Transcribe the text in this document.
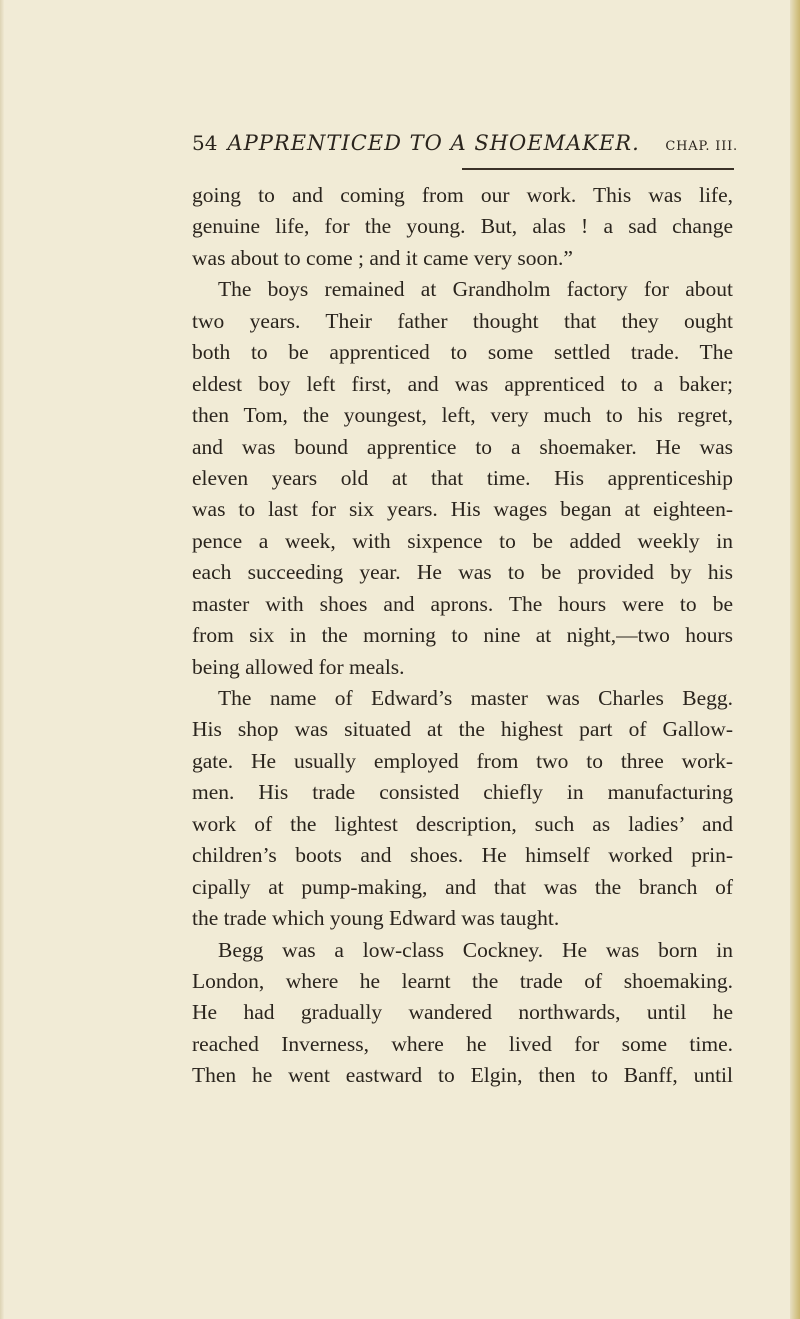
54 APPRENTICED TO A SHOEMAKER. CHAP. III.
going to and coming from our work. This was life,
genuine life, for the young. But, alas ! a sad change
was about to come ; and it came very soon.”
The boys remained at Grandholm factory for about
two years. Their father thought that they ought
both to be apprenticed to some settled trade. The
eldest boy left first, and was apprenticed to a baker;
then Tom, the youngest, left, very much to his regret,
and was bound apprentice to a shoemaker. He was
eleven years old at that time. His apprenticeship
was to last for six years. His wages began at eighteen-
pence a week, with sixpence to be added weekly in
each succeeding year. He was to be provided by his
master with shoes and aprons. The hours were to be
from six in the morning to nine at night,—two hours
being allowed for meals.
The name of Edward’s master was Charles Begg.
His shop was situated at the highest part of Gallow-
gate. He usually employed from two to three work-
men. His trade consisted chiefly in manufacturing
work of the lightest description, such as ladies’ and
children’s boots and shoes. He himself worked prin-
cipally at pump-making, and that was the branch of
the trade which young Edward was taught.
Begg was a low-class Cockney. He was born in
London, where he learnt the trade of shoemaking.
He had gradually wandered northwards, until he
reached Inverness, where he lived for some time.
Then he went eastward to Elgin, then to Banff, until
